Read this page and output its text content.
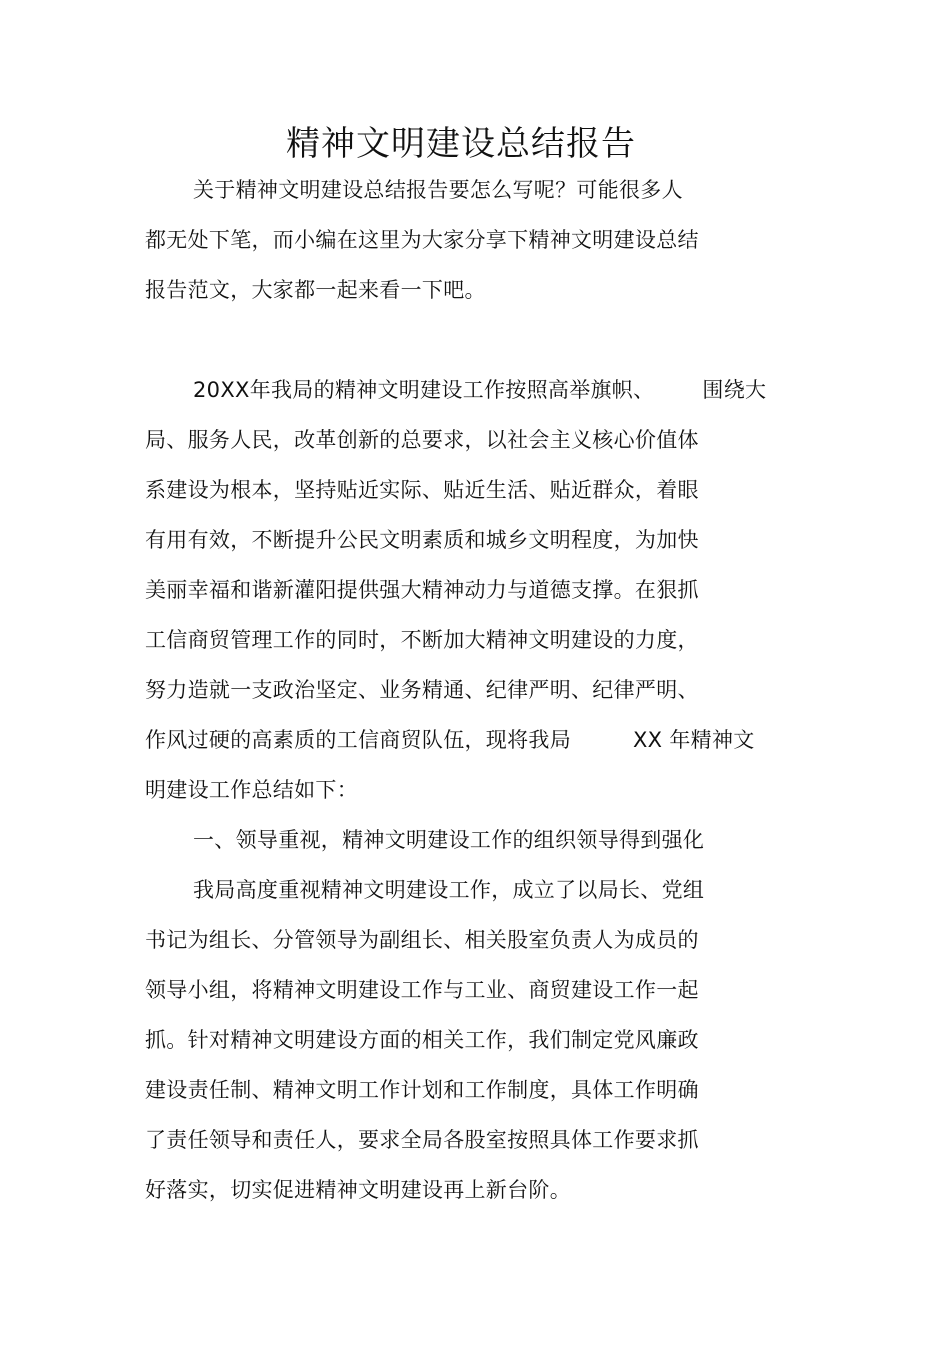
精神文明建设总结报告

关于精神文明建设总结报告要怎么写呢？可能很多人

都无处下笔，而小编在这里为大家分享下精神文明建设总结

报告范文，大家都一起来看一下吧。

20XX年我局的精神文明建设工作按照高举旗帜、 围绕大

局、服务人民，改革创新的总要求，以社会主义核心价值体

系建设为根本，坚持贴近实际、贴近生活、贴近群众，着眼

有用有效，不断提升公民文明素质和城乡文明程度，为加快

美丽幸福和谐新灌阳提供强大精神动力与道德支撑。在狠抓

工信商贸管理工作的同时，不断加大精神文明建设的力度，

努力造就一支政治坚定、业务精通、纪律严明、纪律严明、

作风过硬的高素质的工信商贸队伍，现将我局	XX 年精神文

明建设工作总结如下：

一、领导重视，精神文明建设工作的组织领导得到强化

我局高度重视精神文明建设工作，成立了以局长、党组

书记为组长、分管领导为副组长、相关股室负责人为成员的

领导小组，将精神文明建设工作与工业、商贸建设工作一起

抓。针对精神文明建设方面的相关工作，我们制定党风廉政

建设责任制、精神文明工作计划和工作制度，具体工作明确

了责任领导和责任人，要求全局各股室按照具体工作要求抓

好落实，切实促进精神文明建设再上新台阶。
